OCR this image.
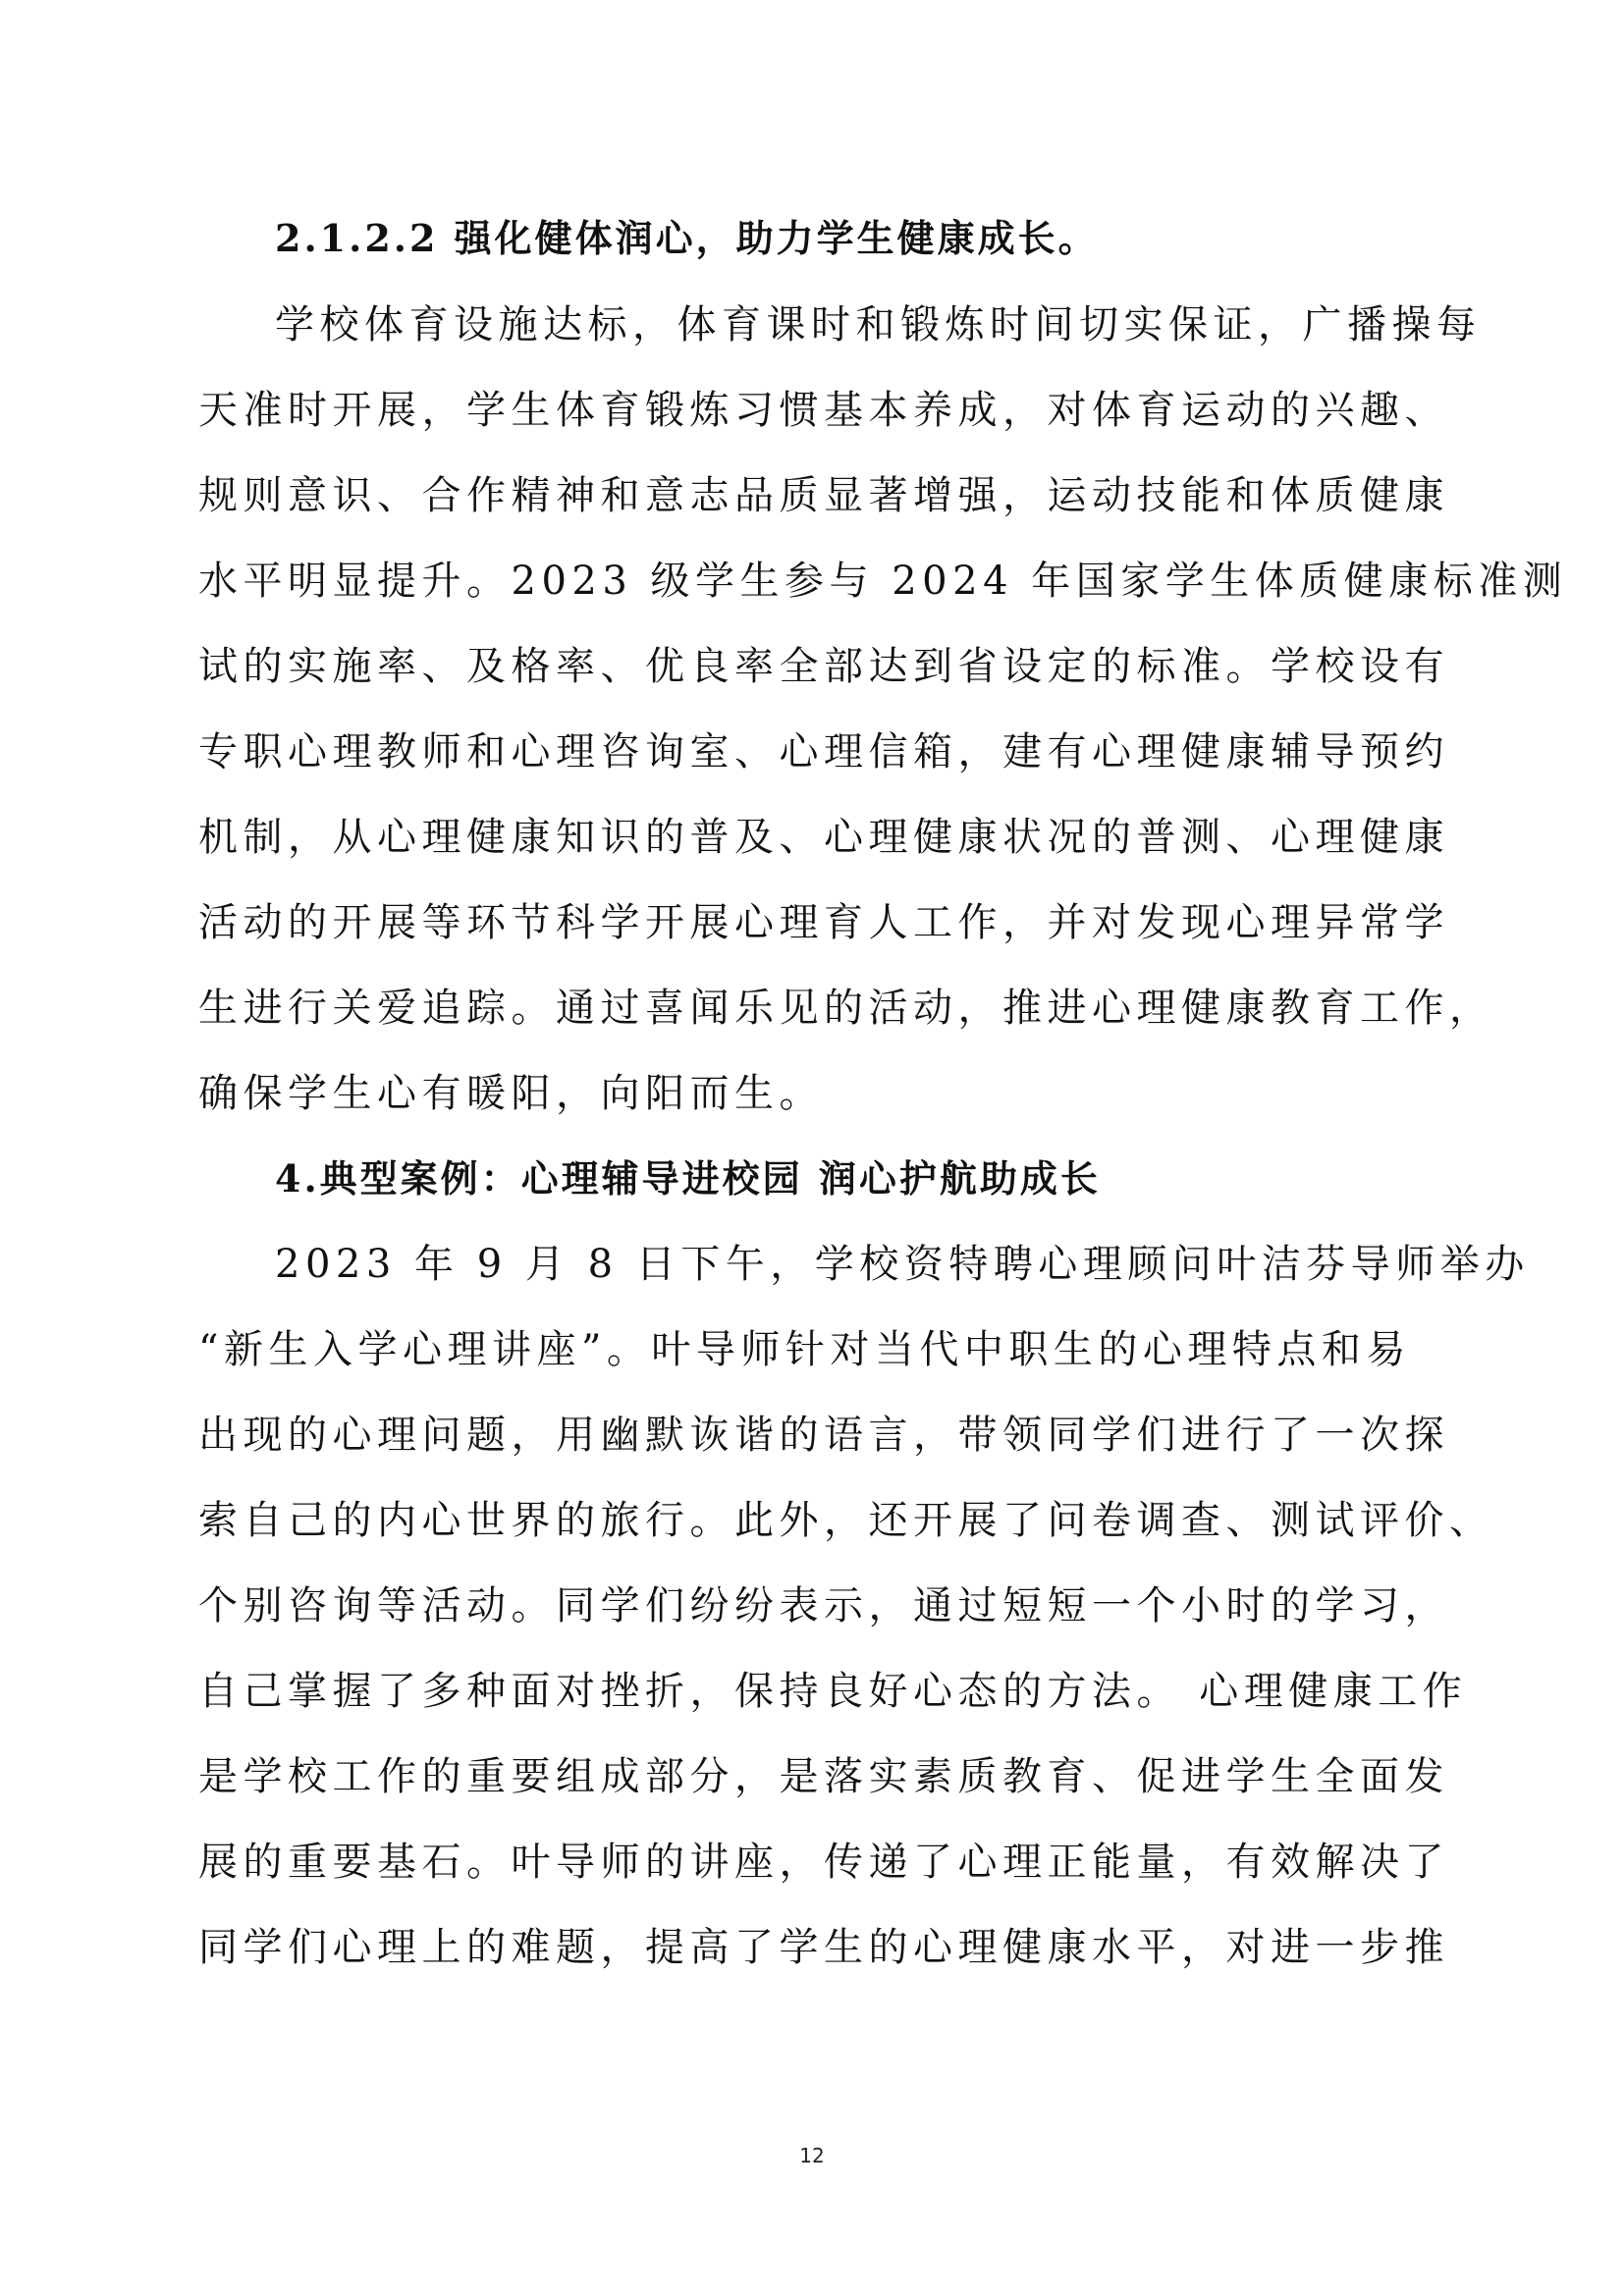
2.1.2.2 强化健体润心，助力学生健康成长。
学校体育设施达标，体育课时和锻炼时间切实保证，广播操每
天准时开展，学生体育锻炼习惯基本养成，对体育运动的兴趣、
规则意识、合作精神和意志品质显著增强，运动技能和体质健康
水平明显提升。2023 级学生参与 2024 年国家学生体质健康标准测
试的实施率、及格率、优良率全部达到省设定的标准。学校设有
专职心理教师和心理咨询室、心理信箱，建有心理健康辅导预约
机制，从心理健康知识的普及、心理健康状况的普测、心理健康
活动的开展等环节科学开展心理育人工作，并对发现心理异常学
生进行关爱追踪。通过喜闻乐见的活动，推进心理健康教育工作，
确保学生心有暖阳，向阳而生。
4.典型案例：心理辅导进校园 润心护航助成长
2023 年 9 月 8 日下午，学校资特聘心理顾问叶洁芬导师举办
“新生入学心理讲座”。叶导师针对当代中职生的心理特点和易
出现的心理问题，用幽默诙谐的语言，带领同学们进行了一次探
索自己的内心世界的旅行。此外，还开展了问卷调查、测试评价、
个别咨询等活动。同学们纷纷表示，通过短短一个小时的学习，
自己掌握了多种面对挫折，保持良好心态的方法。 心理健康工作
是学校工作的重要组成部分，是落实素质教育、促进学生全面发
展的重要基石。叶导师的讲座，传递了心理正能量，有效解决了
同学们心理上的难题，提高了学生的心理健康水平，对进一步推
12
